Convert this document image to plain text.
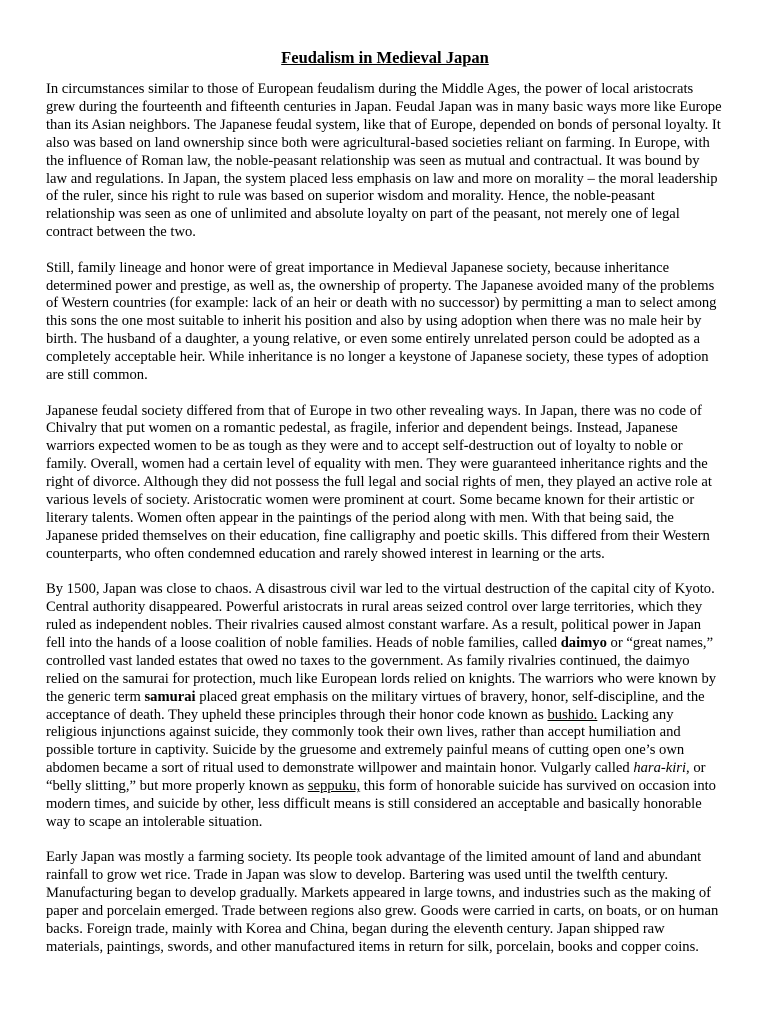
Feudalism in Medieval Japan

In circumstances similar to those of European feudalism during the Middle Ages, the power of local aristocrats grew during the fourteenth and fifteenth centuries in Japan. Feudal Japan was in many basic ways more like Europe than its Asian neighbors. The Japanese feudal system, like that of Europe, depended on bonds of personal loyalty. It also was based on land ownership since both were agricultural-based societies reliant on farming. In Europe, with the influence of Roman law, the noble-peasant relationship was seen as mutual and contractual. It was bound by law and regulations. In Japan, the system placed less emphasis on law and more on morality – the moral leadership of the ruler, since his right to rule was based on superior wisdom and morality. Hence, the noble-peasant relationship was seen as one of unlimited and absolute loyalty on part of the peasant, not merely one of legal contract between the two.

Still, family lineage and honor were of great importance in Medieval Japanese society, because inheritance determined power and prestige, as well as, the ownership of property. The Japanese avoided many of the problems of Western countries (for example: lack of an heir or death with no successor) by permitting a man to select among this sons the one most suitable to inherit his position and also by using adoption when there was no male heir by birth. The husband of a daughter, a young relative, or even some entirely unrelated person could be adopted as a completely acceptable heir. While inheritance is no longer a keystone of Japanese society, these types of adoption are still common.

Japanese feudal society differed from that of Europe in two other revealing ways. In Japan, there was no code of Chivalry that put women on a romantic pedestal, as fragile, inferior and dependent beings. Instead, Japanese warriors expected women to be as tough as they were and to accept self-destruction out of loyalty to noble or family. Overall, women had a certain level of equality with men. They were guaranteed inheritance rights and the right of divorce. Although they did not possess the full legal and social rights of men, they played an active role at various levels of society. Aristocratic women were prominent at court. Some became known for their artistic or literary talents. Women often appear in the paintings of the period along with men. With that being said, the Japanese prided themselves on their education, fine calligraphy and poetic skills. This differed from their Western counterparts, who often condemned education and rarely showed interest in learning or the arts.

By 1500, Japan was close to chaos. A disastrous civil war led to the virtual destruction of the capital city of Kyoto. Central authority disappeared. Powerful aristocrats in rural areas seized control over large territories, which they ruled as independent nobles. Their rivalries caused almost constant warfare. As a result, political power in Japan fell into the hands of a loose coalition of noble families. Heads of noble families, called daimyo or “great names,” controlled vast landed estates that owed no taxes to the government. As family rivalries continued, the daimyo relied on the samurai for protection, much like European lords relied on knights. The warriors who were known by the generic term samurai placed great emphasis on the military virtues of bravery, honor, self-discipline, and the acceptance of death. They upheld these principles through their honor code known as bushido. Lacking any religious injunctions against suicide, they commonly took their own lives, rather than accept humiliation and possible torture in captivity. Suicide by the gruesome and extremely painful means of cutting open one’s own abdomen became a sort of ritual used to demonstrate willpower and maintain honor. Vulgarly called hara-kiri, or “belly slitting,” but more properly known as seppuku, this form of honorable suicide has survived on occasion into modern times, and suicide by other, less difficult means is still considered an acceptable and basically honorable way to scape an intolerable situation.

Early Japan was mostly a farming society. Its people took advantage of the limited amount of land and abundant rainfall to grow wet rice. Trade in Japan was slow to develop. Bartering was used until the twelfth century. Manufacturing began to develop gradually. Markets appeared in large towns, and industries such as the making of paper and porcelain emerged. Trade between regions also grew. Goods were carried in carts, on boats, or on human backs. Foreign trade, mainly with Korea and China, began during the eleventh century. Japan shipped raw materials, paintings, swords, and other manufactured items in return for silk, porcelain, books and copper coins.
